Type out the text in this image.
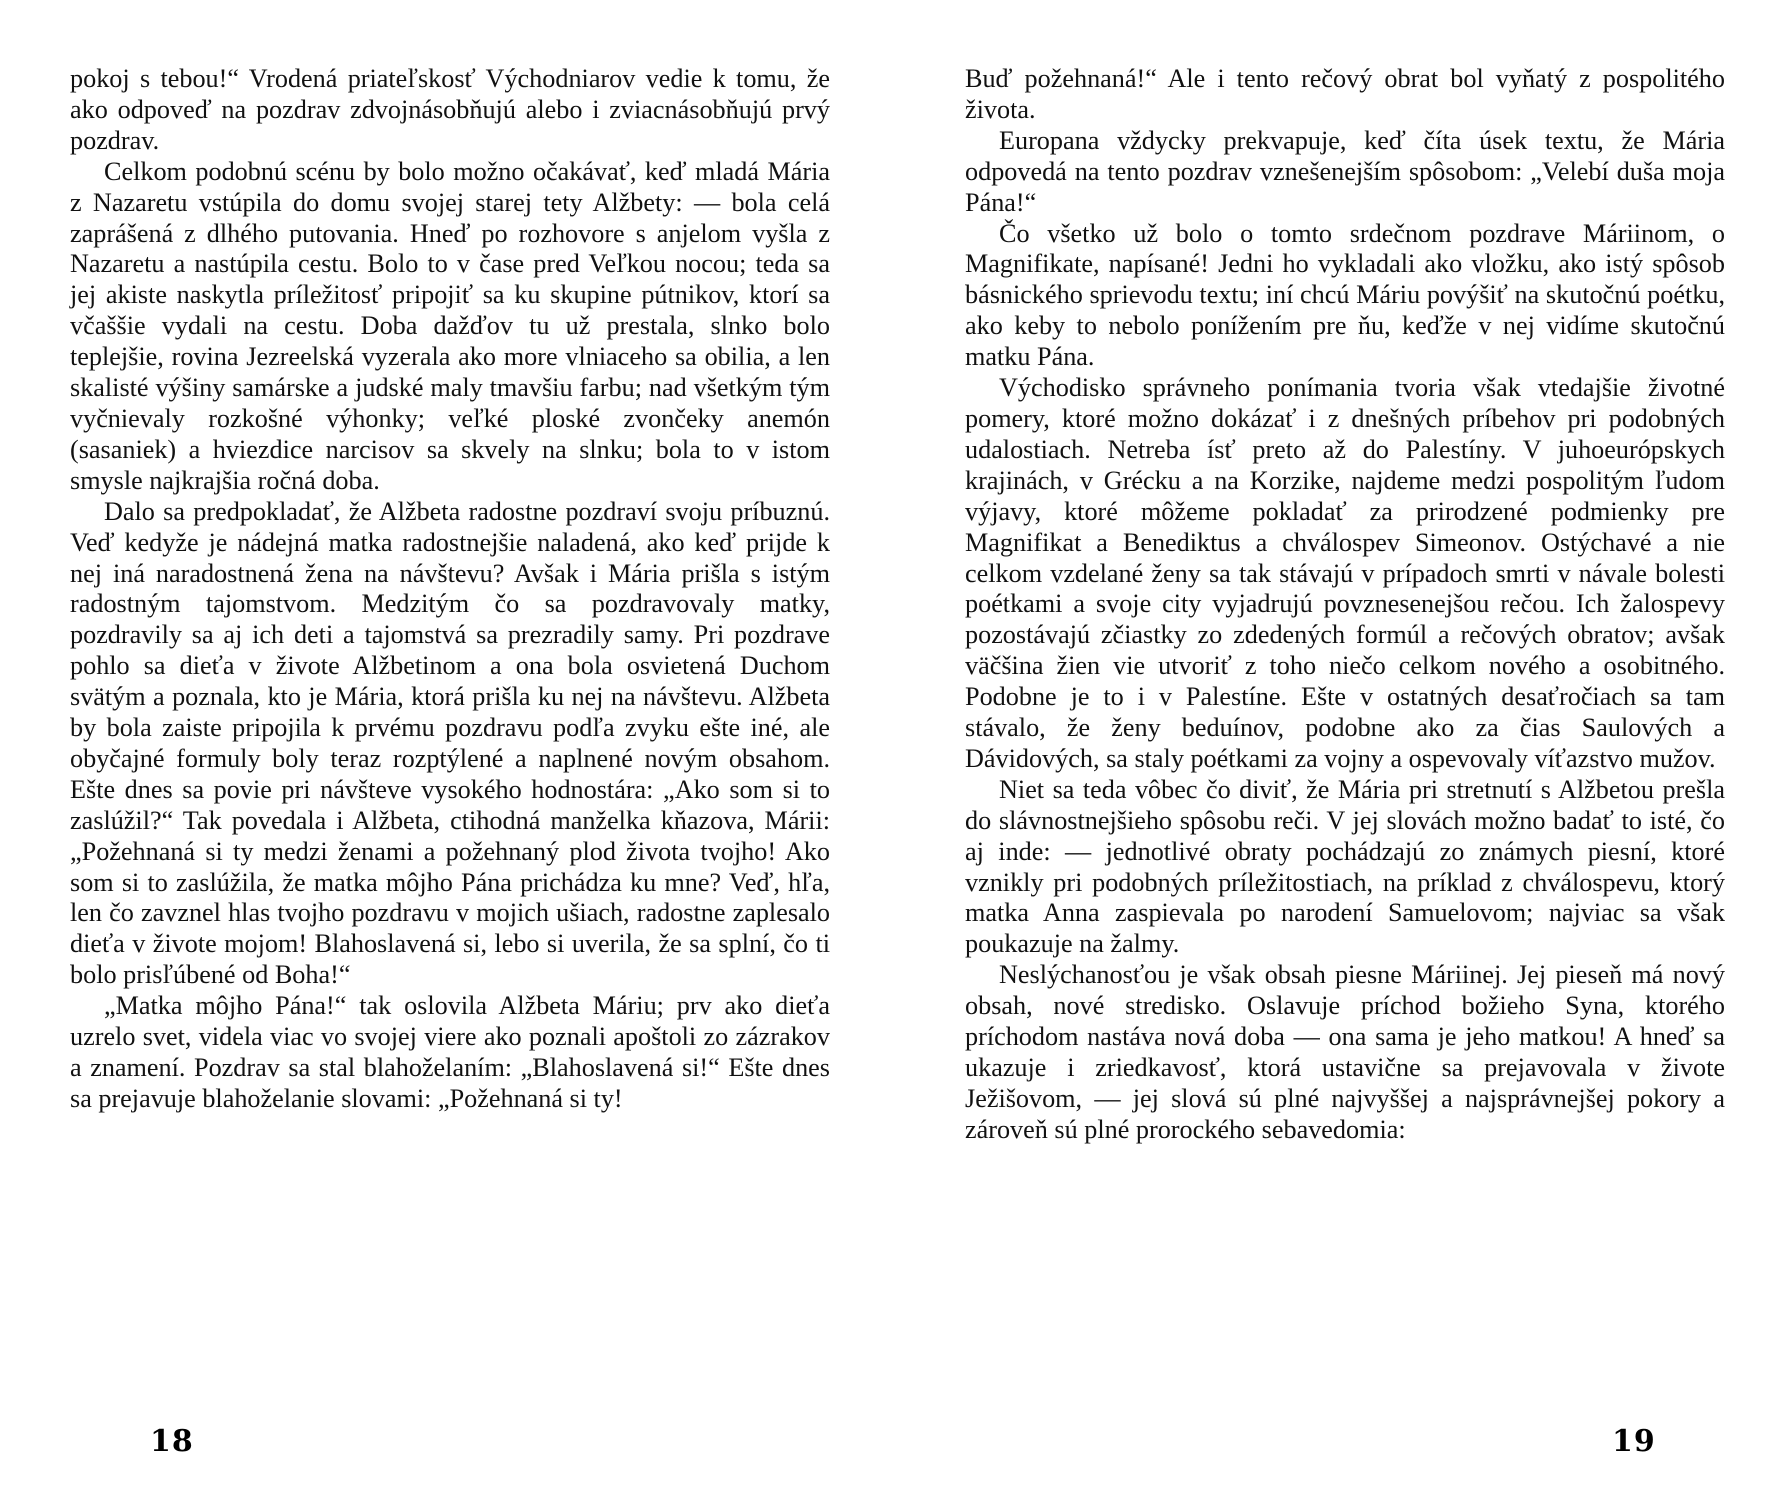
pokoj s tebou!“ Vrodená priateľskosť Východniarov vedie k tomu, že ako odpoveď na pozdrav zdvojnásobňujú alebo i zviacnásobňujú prvý pozdrav.

Celkom podobnú scénu by bolo možno očakávať, keď mladá Mária z Nazaretu vstúpila do domu svojej starej tety Alžbety: — bola celá zaprášená z dlhého putovania. Hneď po rozhovore s anjelom vyšla z Nazaretu a nastúpila cestu. Bolo to v čase pred Veľkou nocou; teda sa jej akiste naskytla príležitosť pripojiť sa ku skupine pútnikov, ktorí sa včaššie vydali na cestu. Doba dažďov tu už prestala, slnko bolo teplejšie, rovina Jezreelská vyzerala ako more vlniaceho sa obilia, a len skalisté výšiny samárske a judské maly tmavšiu farbu; nad všetkým tým vyčnievaly rozkošné výhonky; veľké ploské zvončeky anemón (sasaniek) a hviezdice narcisov sa skvely na slnku; bola to v istom smysle najkrajšia ročná doba.

Dalo sa predpokladať, že Alžbeta radostne pozdraví svoju príbuznú. Veď kedyže je nádejná matka radostnejšie naladená, ako keď prijde k nej iná naradostnená žena na návštevu? Avšak i Mária prišla s istým radostným tajomstvom. Medzitým čo sa pozdravovaly matky, pozdravily sa aj ich deti a tajomstvá sa prezradily samy. Pri pozdrave pohlo sa dieťa v živote Alžbetinom a ona bola osvietená Duchom svätým a poznala, kto je Mária, ktorá prišla ku nej na návštevu. Alžbeta by bola zaiste pripojila k prvému pozdravu podľa zvyku ešte iné, ale obyčajné formuly boly teraz rozptýlené a naplnené novým obsahom. Ešte dnes sa povie pri návšteve vysokého hodnostára: „Ako som si to zaslúžil?“ Tak povedala i Alžbeta, ctihodná manželka kňazova, Márii: „Požehnaná si ty medzi ženami a požehnaný plod života tvojho! Ako som si to zaslúžila, že matka môjho Pána prichádza ku mne? Veď, hľa, len čo zavznel hlas tvojho pozdravu v mojich ušiach, radostne zaplesalo dieťa v živote mojom! Blahoslavená si, lebo si uverila, že sa splní, čo ti bolo prisľúbené od Boha!“

„Matka môjho Pána!“ tak oslovila Alžbeta Máriu; prv ako dieťa uzrelo svet, videla viac vo svojej viere ako poznali apoštoli zo zázrakov a znamení. Pozdrav sa stal blahoželaním: „Blahoslavená si!“ Ešte dnes sa prejavuje blahoželanie slovami: „Požehnaná si ty!

18

Buď požehnaná!“ Ale i tento rečový obrat bol vyňatý z pospolitého života.

Europana vždycky prekvapuje, keď číta úsek textu, že Mária odpovedá na tento pozdrav vznešenejším spôsobom: „Velebí duša moja Pána!“

Čo všetko už bolo o tomto srdečnom pozdrave Máriinom, o Magnifikate, napísané! Jedni ho vykladali ako vložku, ako istý spôsob básnického sprievodu textu; iní chcú Máriu povýšiť na skutočnú poétku, ako keby to nebolo ponížením pre ňu, keďže v nej vidíme skutočnú matku Pána.

Východisko správneho ponímania tvoria však vtedajšie životné pomery, ktoré možno dokázať i z dnešných príbehov pri podobných udalostiach. Netreba ísť preto až do Palestíny. V juhoeurópskych krajinách, v Grécku a na Korzike, najdeme medzi pospolitým ľudom výjavy, ktoré môžeme pokladať za prirodzené podmienky pre Magnifikat a Benediktus a chválospev Simeonov. Ostýchavé a nie celkom vzdelané ženy sa tak stávajú v prípadoch smrti v návale bolesti poétkami a svoje city vyjadrujú povznesenejšou rečou. Ich žalospevy pozostávajú zčiastky zo zdedených formúl a rečových obratov; avšak väčšina žien vie utvoriť z toho niečo celkom nového a osobitného. Podobne je to i v Palestíne. Ešte v ostatných desaťročiach sa tam stávalo, že ženy beduínov, podobne ako za čias Saulových a Dávidových, sa staly poétkami za vojny a ospevovaly víťazstvo mužov.

Niet sa teda vôbec čo diviť, že Mária pri stretnutí s Alžbetou prešla do slávnostnejšieho spôsobu reči. V jej slovách možno badať to isté, čo aj inde: — jednotlivé obraty pochádzajú zo známych piesní, ktoré vznikly pri podobných príležitostiach, na príklad z chválospevu, ktorý matka Anna zaspievala po narodení Samuelovom; najviac sa však poukazuje na žalmy.

Neslýchanosťou je však obsah piesne Máriinej. Jej pieseň má nový obsah, nové stredisko. Oslavuje príchod božieho Syna, ktorého príchodom nastáva nová doba — ona sama je jeho matkou! A hneď sa ukazuje i zriedkavosť, ktorá ustavične sa prejavovala v živote Ježišovom, — jej slová sú plné najvyššej a najsprávnejšej pokory a zároveň sú plné prorockého sebavedomia:

19
